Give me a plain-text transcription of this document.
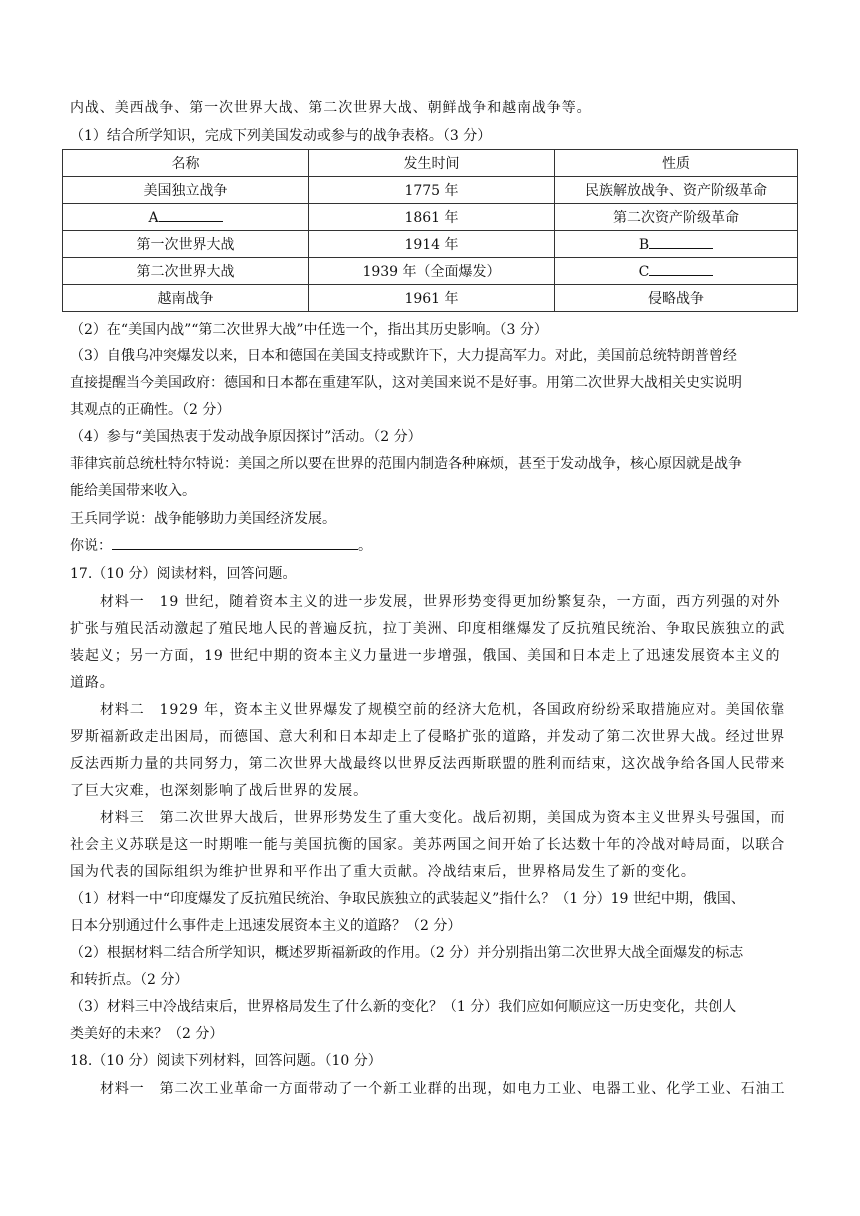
内战、美西战争、第一次世界大战、第二次世界大战、朝鲜战争和越南战争等。
（1）结合所学知识，完成下列美国发动或参与的战争表格。（3 分）
名称	发生时间	性质
美国独立战争	1775 年	民族解放战争、资产阶级革命
A	1861 年	第二次资产阶级革命
第一次世界大战	1914 年	B
第二次世界大战	1939 年（全面爆发）	C
越南战争	1961 年	侵略战争
（2）在“美国内战”“第二次世界大战”中任选一个，指出其历史影响。（3 分）
（3）自俄乌冲突爆发以来，日本和德国在美国支持或默许下，大力提高军力。对此，美国前总统特朗普曾经
直接提醒当今美国政府：德国和日本都在重建军队，这对美国来说不是好事。用第二次世界大战相关史实说明
其观点的正确性。（2 分）
（4）参与“美国热衷于发动战争原因探讨”活动。（2 分）
菲律宾前总统杜特尔特说：美国之所以要在世界的范围内制造各种麻烦，甚至于发动战争，核心原因就是战争
能给美国带来收入。
王兵同学说：战争能够助力美国经济发展。
你说：	。
17.（10 分）阅读材料，回答问题。
材料一　19 世纪，随着资本主义的进一步发展，世界形势变得更加纷繁复杂，一方面，西方列强的对外
扩张与殖民活动激起了殖民地人民的普遍反抗，拉丁美洲、印度相继爆发了反抗殖民统治、争取民族独立的武
装起义；另一方面，19 世纪中期的资本主义力量进一步增强，俄国、美国和日本走上了迅速发展资本主义的
道路。
材料二　1929 年，资本主义世界爆发了规模空前的经济大危机，各国政府纷纷采取措施应对。美国依靠
罗斯福新政走出困局，而德国、意大利和日本却走上了侵略扩张的道路，并发动了第二次世界大战。经过世界
反法西斯力量的共同努力，第二次世界大战最终以世界反法西斯联盟的胜利而结束，这次战争给各国人民带来
了巨大灾难，也深刻影响了战后世界的发展。
材料三　第二次世界大战后，世界形势发生了重大变化。战后初期，美国成为资本主义世界头号强国，而
社会主义苏联是这一时期唯一能与美国抗衡的国家。美苏两国之间开始了长达数十年的冷战对峙局面，以联合
国为代表的国际组织为维护世界和平作出了重大贡献。冷战结束后，世界格局发生了新的变化。
（1）材料一中“印度爆发了反抗殖民统治、争取民族独立的武装起义”指什么？（1 分）19 世纪中期，俄国、
日本分别通过什么事件走上迅速发展资本主义的道路？（2 分）
（2）根据材料二结合所学知识，概述罗斯福新政的作用。（2 分）并分别指出第二次世界大战全面爆发的标志
和转折点。（2 分）
（3）材料三中冷战结束后，世界格局发生了什么新的变化？（1 分）我们应如何顺应这一历史变化，共创人
类美好的未来？（2 分）
18.（10 分）阅读下列材料，回答问题。（10 分）
材料一　第二次工业革命一方面带动了一个新工业群的出现，如电力工业、电器工业、化学工业、石油工
